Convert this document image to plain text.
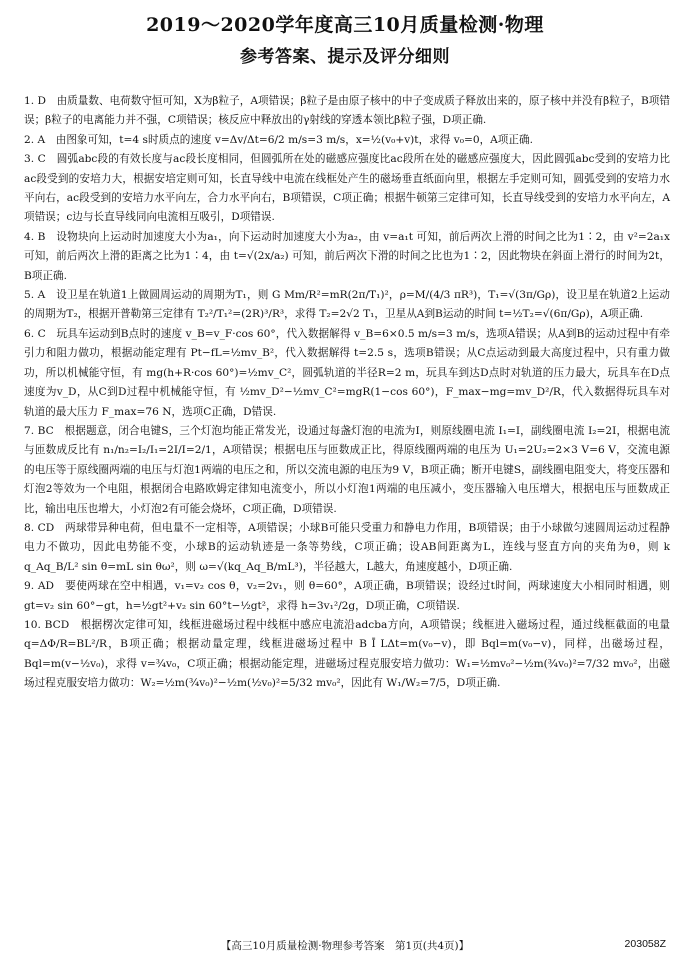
2019～2020学年度高三10月质量检测·物理
参考答案、提示及评分细则

1. D　由质量数、电荷数守恒可知，X为β粒子，A项错误；β粒子是由原子核中的中子变成质子释放出来的，原子核中并没有β粒子，B项错误；β粒子的电离能力并不强，C项错误；核反应中释放出的γ射线的穿透本领比β粒子强，D项正确.

2. A　由图象可知，t=4 s时质点的速度 v=Δv/Δt=6/2 m/s=3 m/s，x=½(v₀+v)t，求得 v₀=0，A项正确.

3. C　圆弧abc段的有效长度与ac段长度相同，但圆弧所在处的磁感应强度比ac段所在处的磁感应强度大，因此圆弧abc受到的安培力比ac段受到的安培力大，根据安培定则可知，长直导线中电流在线框处产生的磁场垂直纸面向里，根据左手定则可知，圆弧受到的安培力水平向右，ac段受到的安培力水平向左，合力水平向右，B项错误，C项正确；根据牛顿第三定律可知，长直导线受到的安培力水平向左，A项错误；c边与长直导线同向电流相互吸引，D项错误.

4. B　设物块向上运动时加速度大小为a₁，向下运动时加速度大小为a₂，由 v=a₁t 可知，前后两次上滑的时间之比为1∶2，由 v²=2a₁x 可知，前后两次上滑的距离之比为1∶4，由 t=√(2x/a₂) 可知，前后两次下滑的时间之比也为1∶2，因此物块在斜面上滑行的时间为2t，B项正确.

5. A　设卫星在轨道1上做圆周运动的周期为T₁，则 G Mm/R²=mR(2π/T₁)²，ρ=M/(4/3 πR³)，T₁=√(3π/Gρ)，设卫星在轨道2上运动的周期为T₂，根据开普勒第三定律有 T₂²/T₁²=(2R)³/R³，求得 T₂=2√2 T₁，卫星从A到B运动的时间 t=½T₂=√(6π/Gρ)，A项正确.

6. C　玩具车运动到B点时的速度 v_B=v_F·cos 60°，代入数据解得 v_B=6×0.5 m/s=3 m/s，选项A错误；从A到B的运动过程中有牵引力和阻力做功，根据动能定理有 Pt−fL=½mv_B²，代入数据解得 t=2.5 s，选项B错误；从C点运动到最大高度过程中，只有重力做功，所以机械能守恒，有 mg(h+R·cos 60°)=½mv_C²，圆弧轨道的半径R=2 m，玩具车到达D点时对轨道的压力最大，玩具车在D点速度为v_D，从C到D过程中机械能守恒，有 ½mv_D²−½mv_C²=mgR(1−cos 60°)，F_max−mg=mv_D²/R，代入数据得玩具车对轨道的最大压力 F_max=76 N，选项C正确，D错误.

7. BC　根据题意，闭合电键S，三个灯泡均能正常发光，设通过每盏灯泡的电流为I，则原线圈电流 I₁=I，副线圈电流 I₂=2I，根据电流与匝数成反比有 n₁/n₂=I₂/I₁=2I/I=2/1，A项错误；根据电压与匝数成正比，得原线圈两端的电压为 U₁=2U₂=2×3 V=6 V，交流电源的电压等于原线圈两端的电压与灯泡1两端的电压之和，所以交流电源的电压为9 V，B项正确；断开电键S，副线圈电阻变大，将变压器和灯泡2等效为一个电阻，根据闭合电路欧姆定律知电流变小，所以小灯泡1两端的电压减小，变压器输入电压增大，根据电压与匝数成正比，输出电压也增大，小灯泡2有可能会烧坏，C项正确，D项错误.

8. CD　两球带异种电荷，但电量不一定相等，A项错误；小球B可能只受重力和静电力作用，B项错误；由于小球做匀速圆周运动过程静电力不做功，因此电势能不变，小球B的运动轨迹是一条等势线，C项正确；设AB间距离为L，连线与竖直方向的夹角为θ，则 k q_Aq_B/L² sin θ=mL sin θω²，则 ω=√(kq_Aq_B/mL³)，半径越大，L越大，角速度越小，D项正确.

9. AD　要使两球在空中相遇，v₁=v₂ cos θ，v₂=2v₁，则 θ=60°，A项正确，B项错误；设经过t时间，两球速度大小相同时相遇，则 gt=v₂ sin 60°−gt，h=½gt²+v₂ sin 60°t−½gt²，求得 h=3v₁²/2g，D项正确，C项错误.

10. BCD　根据楞次定律可知，线框进磁场过程中线框中感应电流沿adcba方向，A项错误；线框进入磁场过程，通过线框截面的电量 q=ΔΦ/R=BL²/R，B项正确；根据动量定理，线框进磁场过程中 B Ī LΔt=m(v₀−v)，即 Bql=m(v₀−v)，同样，出磁场过程，Bql=m(v−½v₀)，求得 v=¾v₀，C项正确；根据动能定理，进磁场过程克服安培力做功：W₁=½mv₀²−½m(¾v₀)²=7/32 mv₀²，出磁场过程克服安培力做功：W₂=½m(¾v₀)²−½m(½v₀)²=5/32 mv₀²，因此有 W₁/W₂=7/5，D项正确.

【高三10月质量检测·物理参考答案　第1页(共4页)】	203058Z
